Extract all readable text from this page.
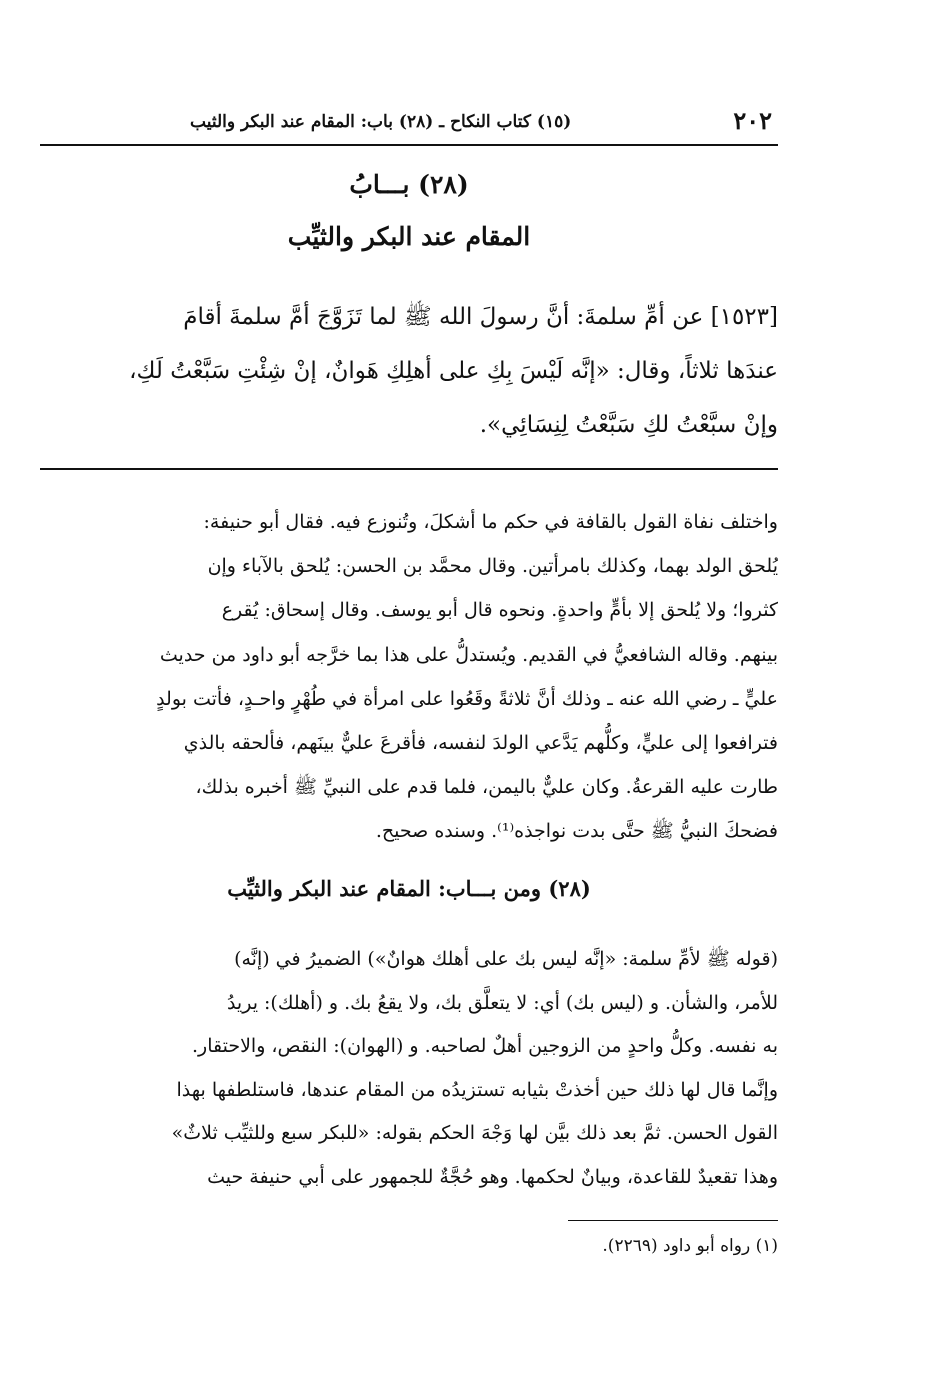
٢٠٢
(١٥) كتاب النكاح ـ (٢٨) باب: المقام عند البكر والثيب
(٢٨) بـــابُ
المقام عند البكر والثيِّب
[١٥٢٣] عن أمِّ سلمةَ: أنَّ رسولَ الله ﷺ لما تَزَوَّجَ أمَّ سلمةَ أقامَ
عندَها ثلاثاً، وقال: «إنَّه لَيْسَ بِكِ على أهلِكِ هَوانٌ، إنْ شِئْتِ سَبَّعْتُ لَكِ،
وإنْ سبَّعْتُ لكِ سَبَّعْتُ لِنِسَائِي».
واختلف نفاة القول بالقافة في حكم ما أشكلَ، وتُنوزع فيه. فقال أبو حنيفة:
يُلحق الولد بهما، وكذلك بامرأتين. وقال محمَّد بن الحسن: يُلحق بالآباء وإن
كثروا؛ ولا يُلحق إلا بأمٍّ واحدةٍ. ونحوه قال أبو يوسف. وقال إسحاق: يُقرع
بينهم. وقاله الشافعيُّ في القديم. ويُستدلُّ على هذا بما خرَّجه أبو داود من حديث
عليٍّ ـ رضي الله عنه ـ وذلك أنَّ ثلاثةً وقَعُوا على امرأة في طُهْرٍ واحـدٍ، فأتت بولدٍ
فترافعوا إلى عليٍّ، وكلُّهم يَدَّعي الولدَ لنفسه، فأقرعَ عليٌّ بينَهم، فألحقه بالذي
طارت عليه القرعةُ. وكان عليٌّ باليمن، فلما قدم على النبيِّ ﷺ أخبره بذلك،
فضحكَ النبيُّ ﷺ حتَّى بدت نواجذه⁽¹⁾. وسنده صحيح.
(٢٨) ومن بـــاب: المقام عند البكر والثيِّب
(قوله ﷺ لأمِّ سلمة: «إنَّه ليس بك على أهلك هوانٌ») الضميرُ في (إنَّه)
للأمر، والشأن. و (ليس بك) أي: لا يتعلَّق بك، ولا يقعُ بك. و (أهلك): يريدُ
به نفسه. وكلُّ واحدٍ من الزوجين أهلٌ لصاحبه. و (الهوان): النقص، والاحتقار.
وإنَّما قال لها ذلك حين أخذتْ بثيابه تستزيدُه من المقام عندها، فاستلطفها بهذا
القول الحسن. ثمَّ بعد ذلك بيَّن لها وَجْهَ الحكم بقوله: «للبكر سبع وللثيِّب ثلاثٌ»
وهذا تقعيدٌ للقاعدة، وبيانٌ لحكمها. وهو حُجَّةٌ للجمهور على أبي حنيفة حيث
(١) رواه أبو داود (٢٢٦٩).
